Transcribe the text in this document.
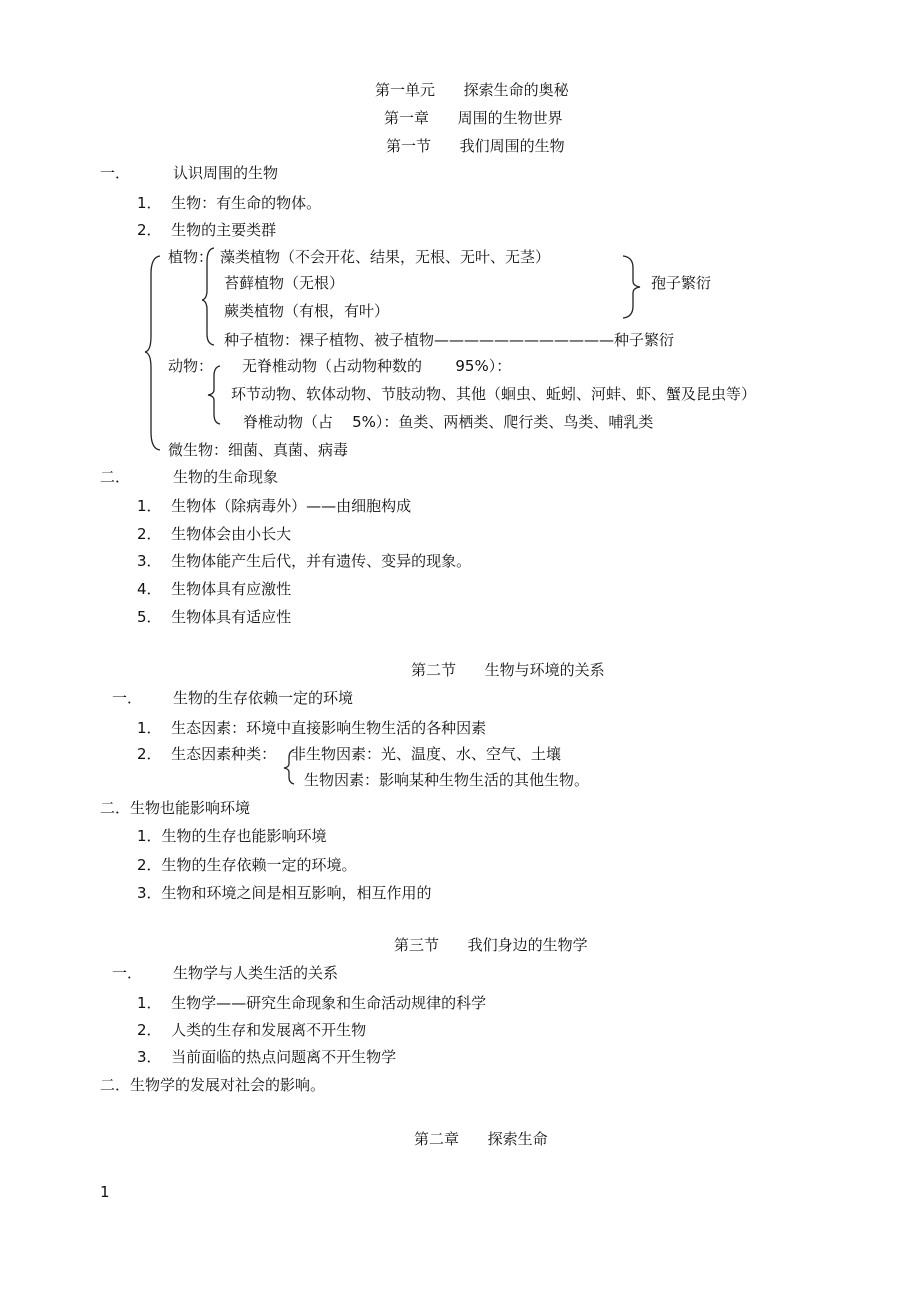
第一单元      探索生命的奥秘
第一章      周围的生物世界
第一节      我们周围的生物
一．	认识周围的生物
1．  生物：有生命的物体。
2．  生物的主要类群
植物： 藻类植物（不会开花、结果，无根、无叶、无茎）
苔藓植物（无根）
蕨类植物（有根，有叶）
孢子繁衍
种子植物：裸子植物、被子植物————————————种子繁衍
动物： 无脊椎动物（占动物种数的       95%）：
环节动物、软体动物、节肢动物、其他（蛔虫、蚯蚓、河蚌、虾、蟹及昆虫等）
脊椎动物（占    5%）：鱼类、两栖类、爬行类、鸟类、哺乳类
微生物：细菌、真菌、病毒
二．	生物的生命现象
1．  生物体（除病毒外）——由细胞构成
2．  生物体会由小长大
3．  生物体能产生后代，并有遗传、变异的现象。
4．  生物体具有应激性
5．  生物体具有适应性
第二节      生物与环境的关系
一． 生物的生存依赖一定的环境
1．  生态因素：环境中直接影响生物生活的各种因素
2．  生态因素种类： 非生物因素：光、温度、水、空气、土壤
生物因素：影响某种生物生活的其他生物。
二．生物也能影响环境
1．生物的生存也能影响环境
2．生物的生存依赖一定的环境。
3．生物和环境之间是相互影响，相互作用的
第三节      我们身边的生物学
一． 生物学与人类生活的关系
1．  生物学——研究生命现象和生命活动规律的科学
2．  人类的生存和发展离不开生物
3．  当前面临的热点问题离不开生物学
二．生物学的发展对社会的影响。
第二章      探索生命
1
